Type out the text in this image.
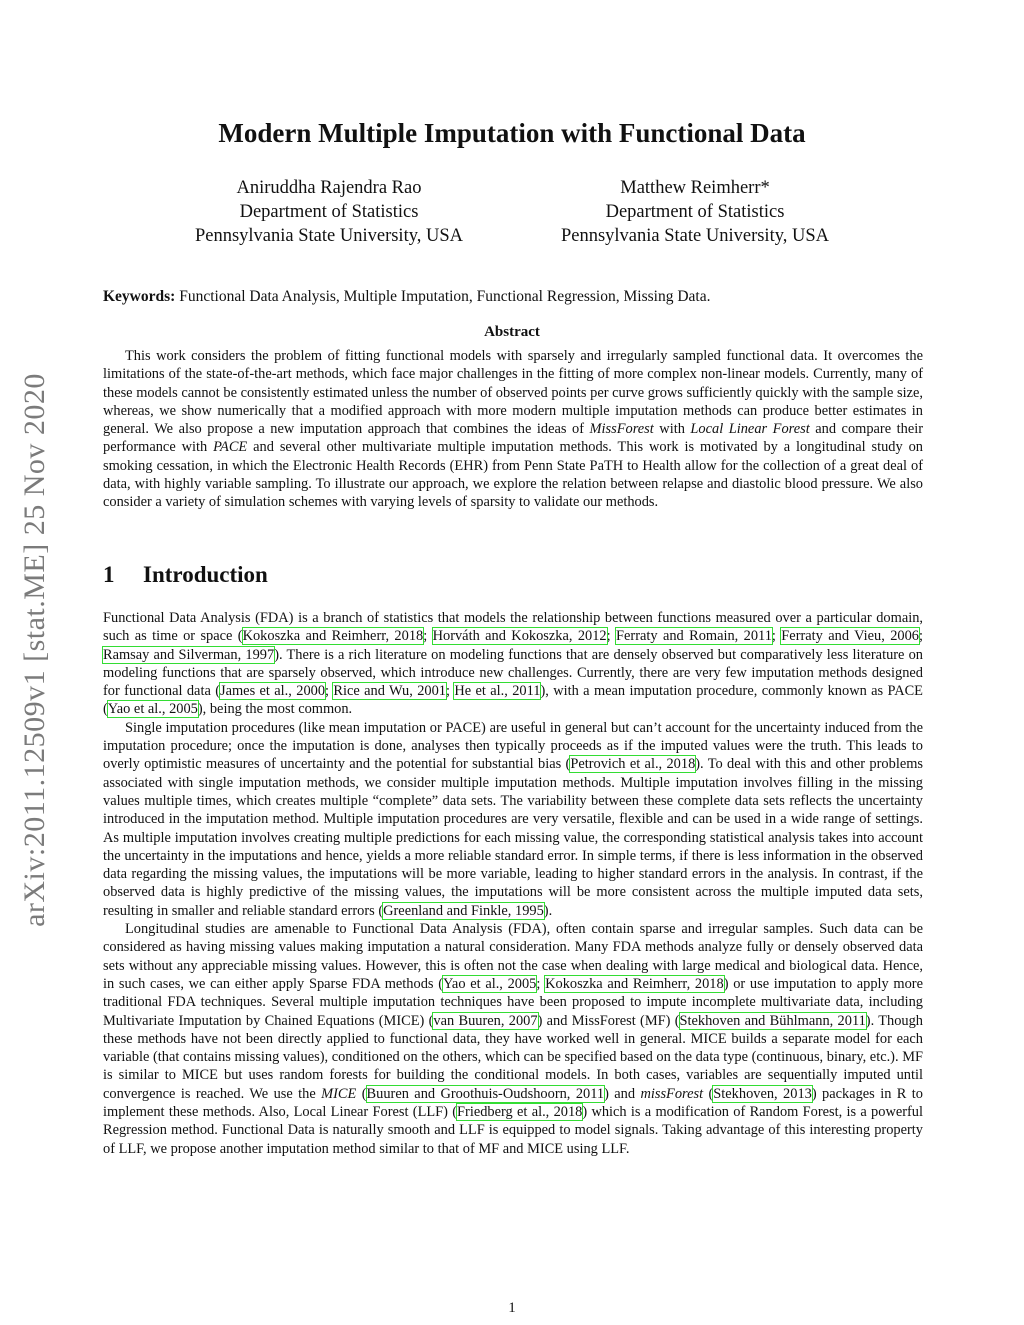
arXiv:2011.12509v1 [stat.ME] 25 Nov 2020
Modern Multiple Imputation with Functional Data
Aniruddha Rajendra Rao
Department of Statistics
Pennsylvania State University, USA
Matthew Reimherr*
Department of Statistics
Pennsylvania State University, USA
Keywords: Functional Data Analysis, Multiple Imputation, Functional Regression, Missing Data.
Abstract
This work considers the problem of fitting functional models with sparsely and irregularly sampled functional data. It overcomes the limitations of the state-of-the-art methods, which face major challenges in the fitting of more complex non-linear models. Currently, many of these models cannot be consistently estimated unless the number of observed points per curve grows sufficiently quickly with the sample size, whereas, we show numerically that a modified approach with more modern multiple imputation methods can produce better estimates in general. We also propose a new imputation approach that combines the ideas of MissForest with Local Linear Forest and compare their performance with PACE and several other multivariate multiple imputation methods. This work is motivated by a longitudinal study on smoking cessation, in which the Electronic Health Records (EHR) from Penn State PaTH to Health allow for the collection of a great deal of data, with highly variable sampling. To illustrate our approach, we explore the relation between relapse and diastolic blood pressure. We also consider a variety of simulation schemes with varying levels of sparsity to validate our methods.
1 Introduction

Functional Data Analysis (FDA) is a branch of statistics that models the relationship between functions measured over a particular domain, such as time or space (Kokoszka and Reimherr, 2018; Horváth and Kokoszka, 2012; Ferraty and Romain, 2011; Ferraty and Vieu, 2006; Ramsay and Silverman, 1997). There is a rich literature on modeling functions that are densely observed but comparatively less literature on modeling functions that are sparsely observed, which introduce new challenges. Currently, there are very few imputation methods designed for functional data (James et al., 2000; Rice and Wu, 2001; He et al., 2011), with a mean imputation procedure, commonly known as PACE (Yao et al., 2005), being the most common.

Single imputation procedures (like mean imputation or PACE) are useful in general but can’t account for the uncertainty induced from the imputation procedure; once the imputation is done, analyses then typically proceeds as if the imputed values were the truth. This leads to overly optimistic measures of uncertainty and the potential for substantial bias (Petrovich et al., 2018). To deal with this and other problems associated with single imputation methods, we consider multiple imputation methods. Multiple imputation involves filling in the missing values multiple times, which creates multiple “complete” data sets. The variability between these complete data sets reflects the uncertainty introduced in the imputation method. Multiple imputation procedures are very versatile, flexible and can be used in a wide range of settings. As multiple imputation involves creating multiple predictions for each missing value, the corresponding statistical analysis takes into account the uncertainty in the imputations and hence, yields a more reliable standard error. In simple terms, if there is less information in the observed data regarding the missing values, the imputations will be more variable, leading to higher standard errors in the analysis. In contrast, if the observed data is highly predictive of the missing values, the imputations will be more consistent across the multiple imputed data sets, resulting in smaller and reliable standard errors (Greenland and Finkle, 1995).

Longitudinal studies are amenable to Functional Data Analysis (FDA), often contain sparse and irregular samples. Such data can be considered as having missing values making imputation a natural consideration. Many FDA methods analyze fully or densely observed data sets without any appreciable missing values. However, this is often not the case when dealing with large medical and biological data. Hence, in such cases, we can either apply Sparse FDA methods (Yao et al., 2005; Kokoszka and Reimherr, 2018) or use imputation to apply more traditional FDA techniques. Several multiple imputation techniques have been proposed to impute incomplete multivariate data, including Multivariate Imputation by Chained Equations (MICE) (van Buuren, 2007) and MissForest (MF) (Stekhoven and Bühlmann, 2011). Though these methods have not been directly applied to functional data, they have worked well in general. MICE builds a separate model for each variable (that contains missing values), conditioned on the others, which can be specified based on the data type (continuous, binary, etc.). MF is similar to MICE but uses random forests for building the conditional models. In both cases, variables are sequentially imputed until convergence is reached. We use the MICE (Buuren and Groothuis-Oudshoorn, 2011) and missForest (Stekhoven, 2013) packages in R to implement these methods. Also, Local Linear Forest (LLF) (Friedberg et al., 2018) which is a modification of Random Forest, is a powerful Regression method. Functional Data is naturally smooth and LLF is equipped to model signals. Taking advantage of this interesting property of LLF, we propose another imputation method similar to that of MF and MICE using LLF.

1
